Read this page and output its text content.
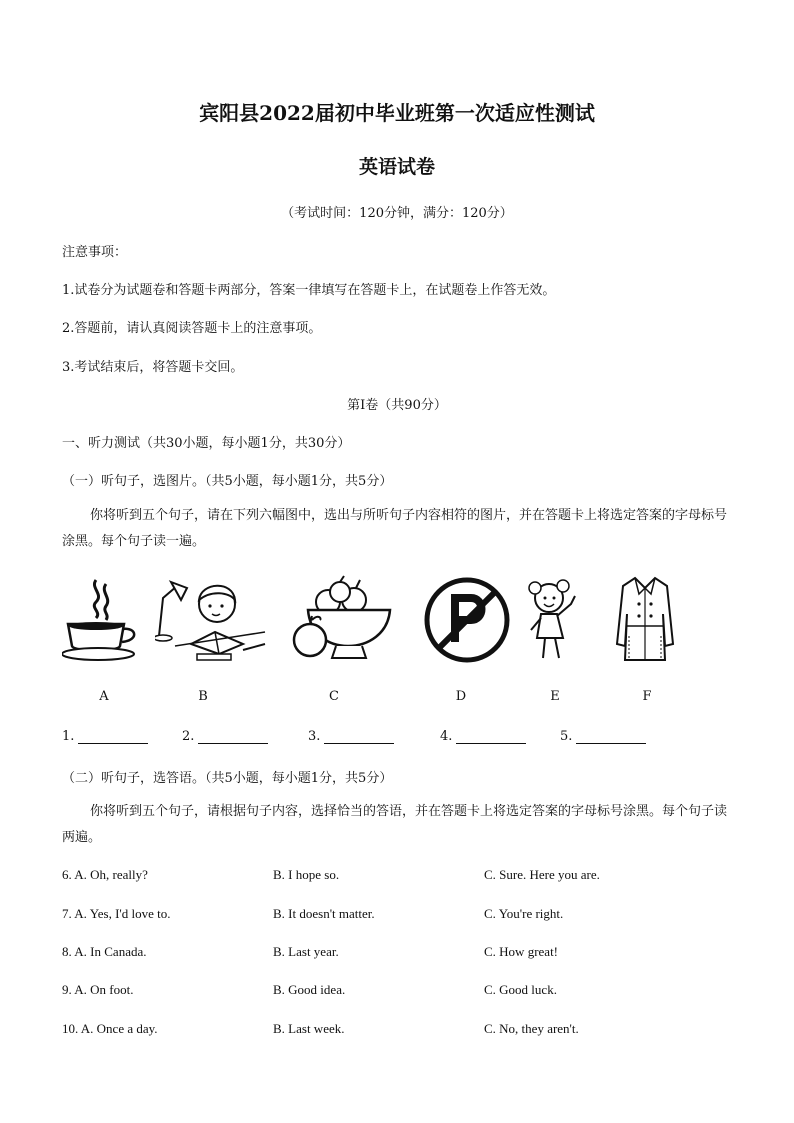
宾阳县2022届初中毕业班第一次适应性测试
英语试卷
（考试时间：120分钟，满分：120分）
注意事项：
1.试卷分为试题卷和答题卡两部分，答案一律填写在答题卡上，在试题卷上作答无效。
2.答题前，请认真阅读答题卡上的注意事项。
3.考试结束后，将答题卡交回。
第Ⅰ卷（共90分）
一、听力测试（共30小题，每小题1分，共30分）
（一）听句子，选图片。（共5小题，每小题1分，共5分）
你将听到五个句子，请在下列六幅图中，选出与所听句子内容相符的图片，并在答题卡上将选定答案的字母标号涂黑。每个句子读一遍。
A	B	C	D	E	F
1.	2.	3.	4.	5.
（二）听句子，选答语。（共5小题，每小题1分，共5分）
你将听到五个句子，请根据句子内容，选择恰当的答语，并在答题卡上将选定答案的字母标号涂黑。每个句子读两遍。
6. A. Oh, really?	B. I hope so.	C. Sure. Here you are.
7. A. Yes, I'd love to.	B. It doesn't matter.	C. You're right.
8. A. In Canada.	B. Last year.	C. How great!
9. A. On foot.	B. Good idea.	C. Good luck.
10. A. Once a day.	B. Last week.	C. No, they aren't.
